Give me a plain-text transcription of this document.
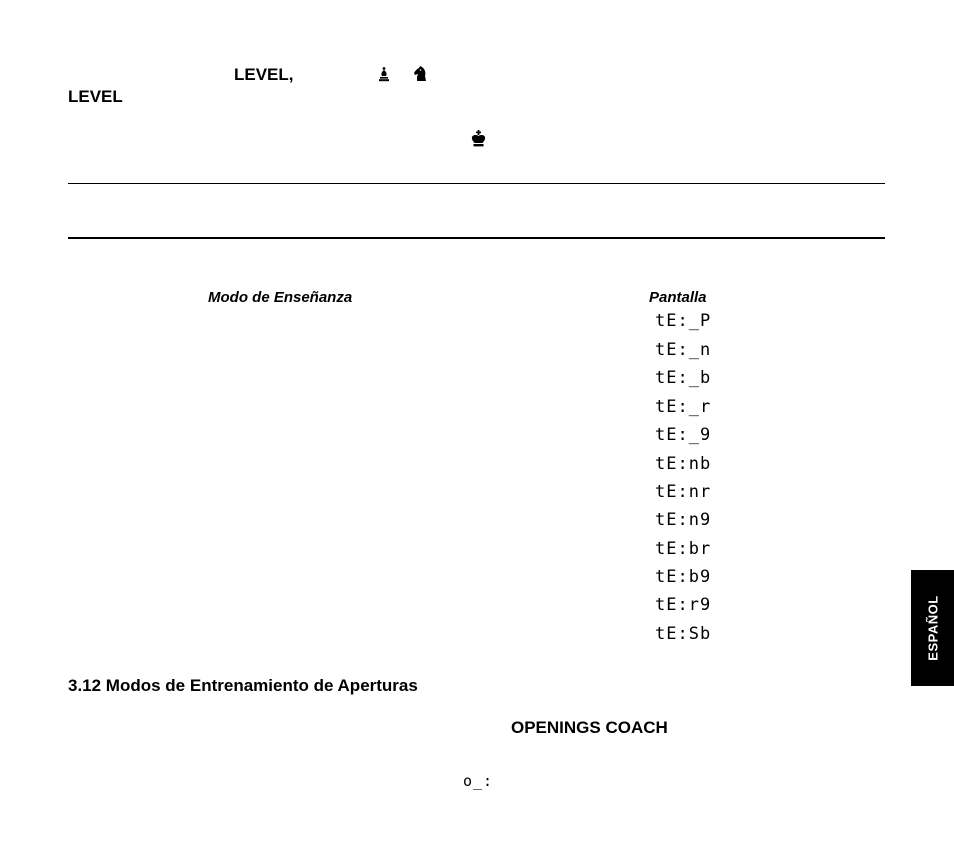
LEVEL,
LEVEL
Modo de Enseñanza	Pantalla
tE:_P
tE:_n
tE:_b
tE:_r
tE:_9
tE:nb
tE:nr
tE:n9
tE:br
tE:b9
tE:r9
tE:Sb
3.12 Modos de Entrenamiento de Aperturas
OPENINGS COACH
o_:
ESPAÑOL
